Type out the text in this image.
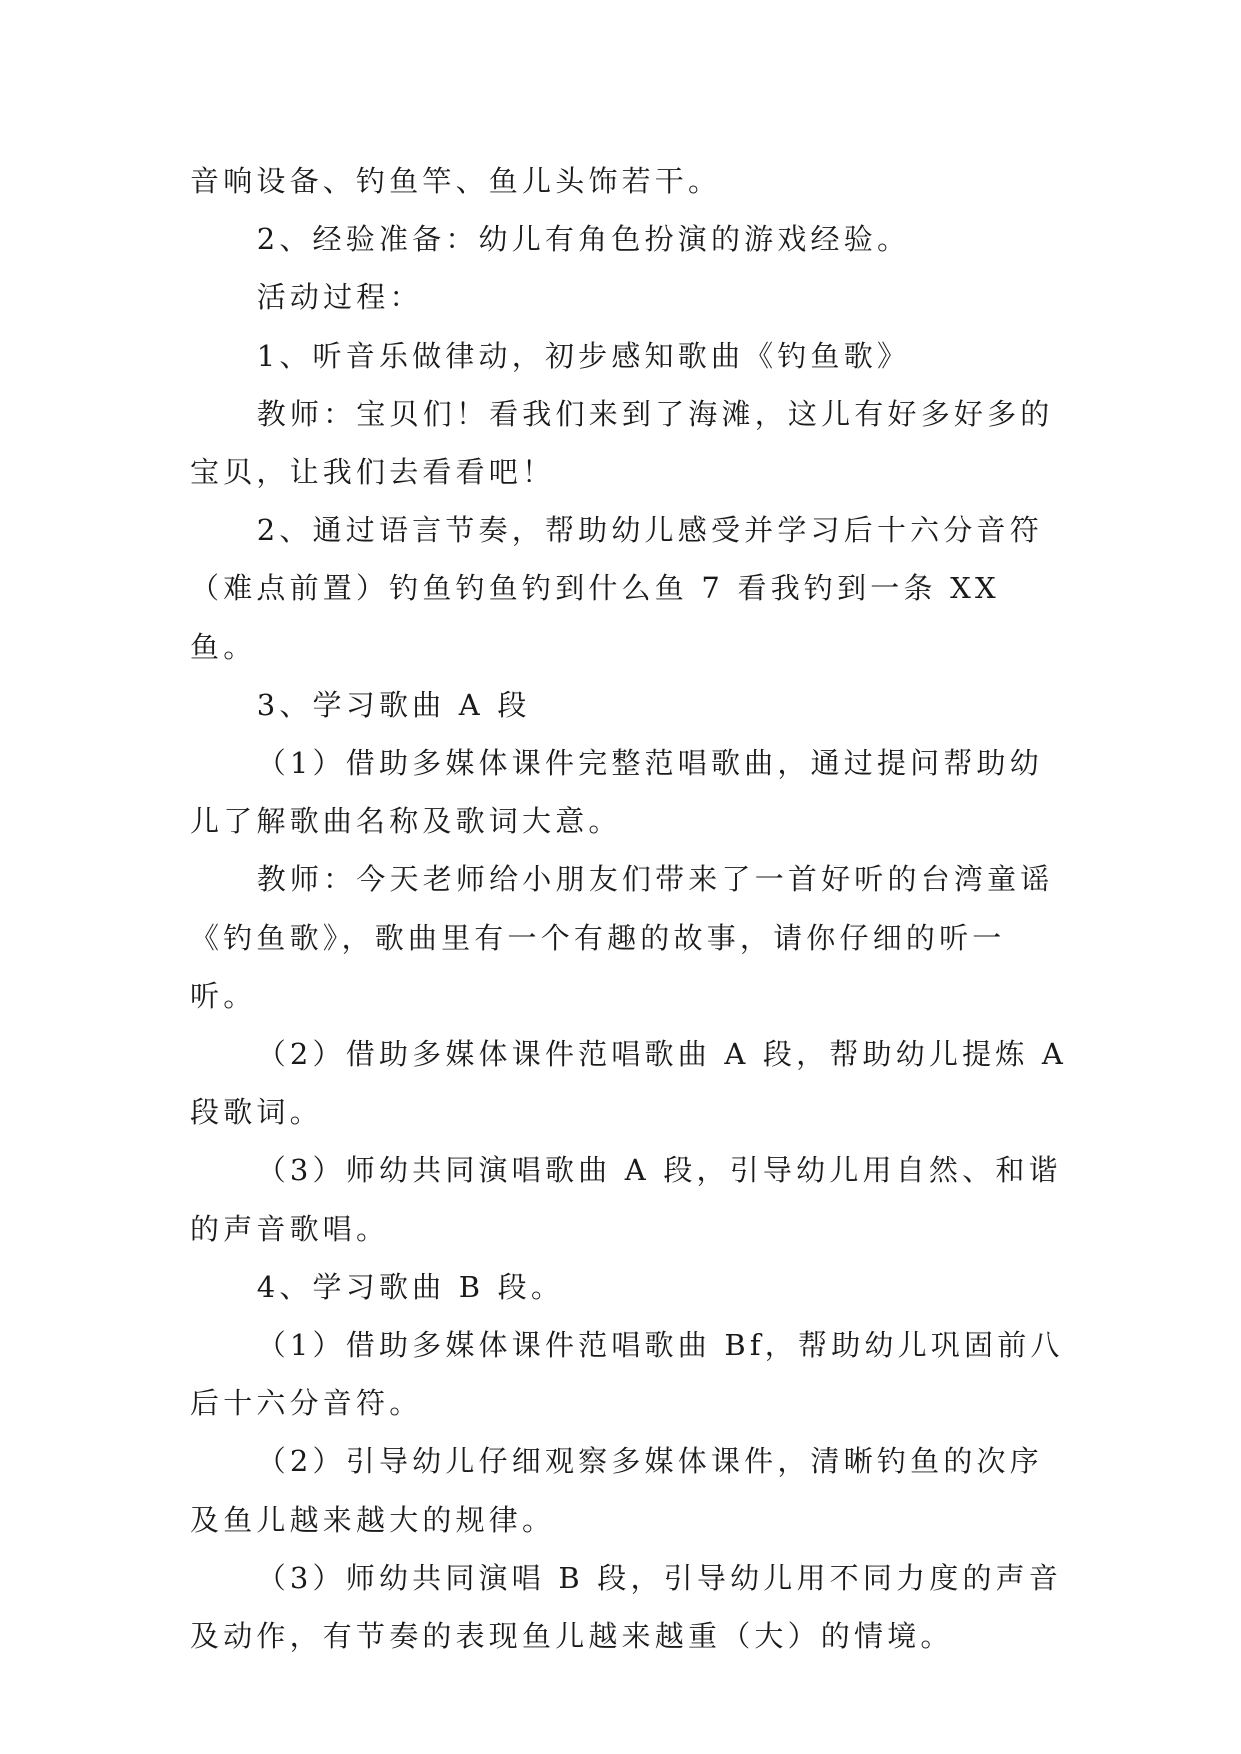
音响设备、钓鱼竿、鱼儿头饰若干。

2、经验准备：幼儿有角色扮演的游戏经验。

活动过程：

1、听音乐做律动，初步感知歌曲《钓鱼歌》

教师：宝贝们！看我们来到了海滩，这儿有好多好多的宝贝，让我们去看看吧！

2、通过语言节奏，帮助幼儿感受并学习后十六分音符（难点前置）钓鱼钓鱼钓到什么鱼 7 看我钓到一条 XX 鱼。

3、学习歌曲 A 段

（1）借助多媒体课件完整范唱歌曲，通过提问帮助幼儿了解歌曲名称及歌词大意。

教师：今天老师给小朋友们带来了一首好听的台湾童谣《钓鱼歌》，歌曲里有一个有趣的故事，请你仔细的听一听。

（2）借助多媒体课件范唱歌曲 A 段，帮助幼儿提炼 A 段歌词。

（3）师幼共同演唱歌曲 A 段，引导幼儿用自然、和谐的声音歌唱。

4、学习歌曲 B 段。

（1）借助多媒体课件范唱歌曲 Bf，帮助幼儿巩固前八后十六分音符。

（2）引导幼儿仔细观察多媒体课件，清晰钓鱼的次序及鱼儿越来越大的规律。

（3）师幼共同演唱 B 段，引导幼儿用不同力度的声音及动作，有节奏的表现鱼儿越来越重（大）的情境。
